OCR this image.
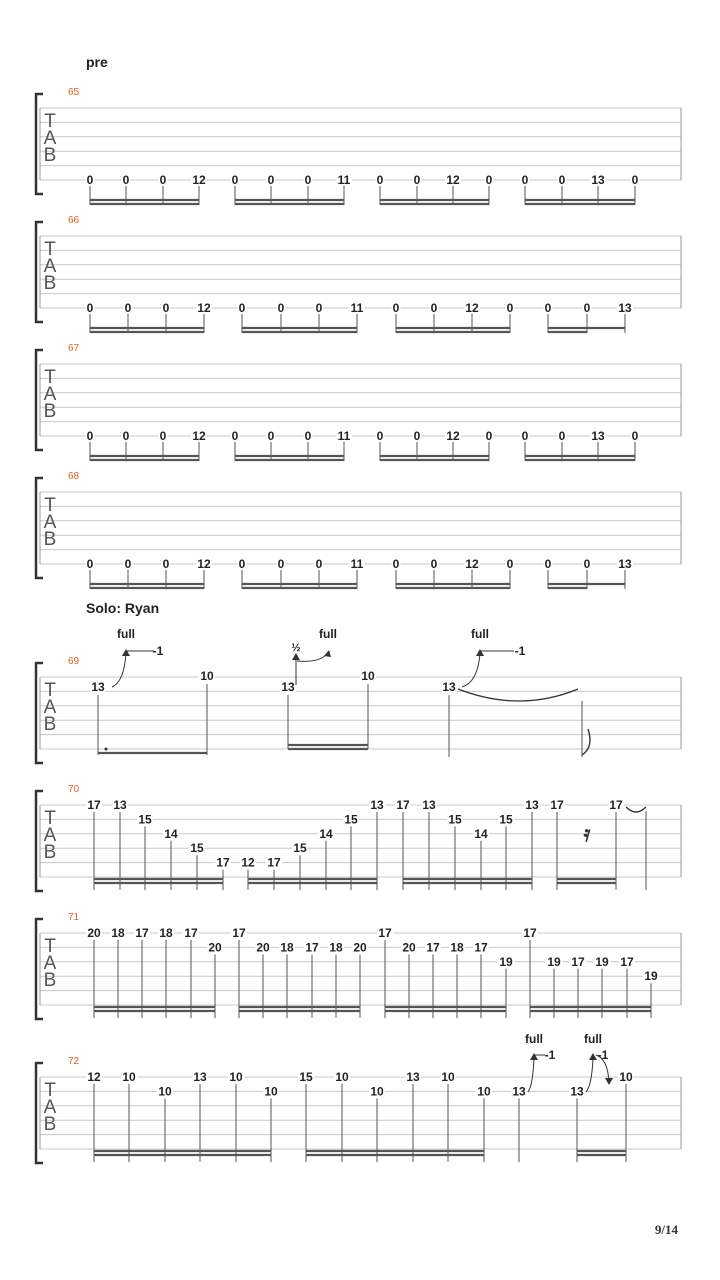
T
A
B
T
A
B
T
A
B
T
A
B
T
A
B
T
A
B
T
A
B
T
A
B
65
0 0	0 12 0 0	0 11 0	0 12 0 0	0 13 0
66
0	0	0 12 0	0	0 11 0	0 12 0	0	0 13
67
0 0	0 12 0 0	0 11 0	0 12 0 0	0 13 0
68
0	0	0 12 0	0	0 11 0	0 12 0	0	0 13
69
13
10
13
10
13
70
17 13
15
14
15
17 12 17
15
14
15
13 17 13
15
14
15
13 17	17
71
20 18 17 18 17
20
17
20 18 17 18 20
17
20 17 18 17
19
17
19 17 19 17
19
72
12 10
10
13 10
10
15 10
10
13 10
10 13	13
10
full
-1	½
full	full
-1
𝄿
full
-1
full
-1
pre
Solo: Ryan
9/14
